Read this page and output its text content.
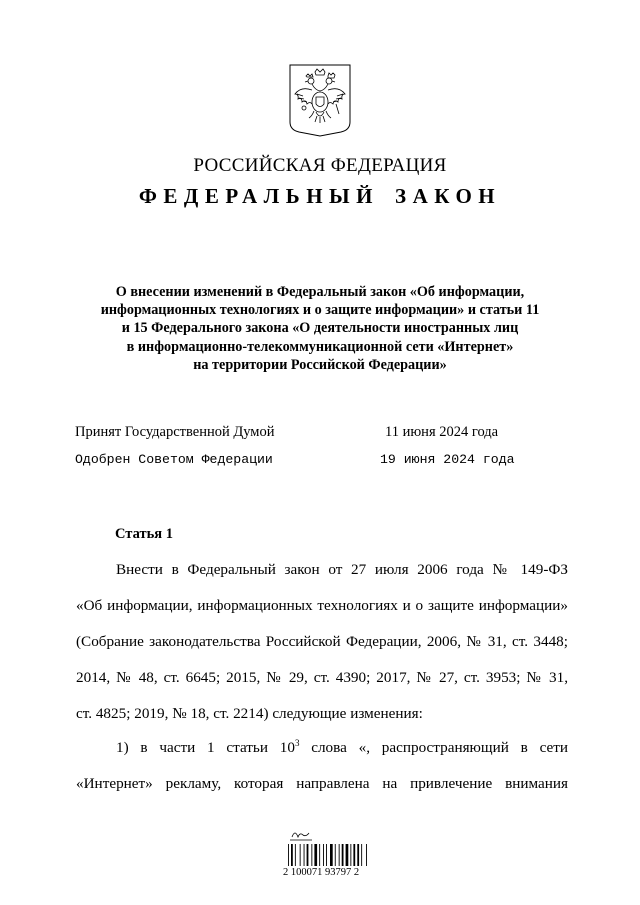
РОССИЙСКАЯ ФЕДЕРАЦИЯ
ФЕДЕРАЛЬНЫЙ ЗАКОН
О внесении изменений в Федеральный закон «Об информации,
информационных технологиях и о защите информации» и статьи 11
и 15 Федерального закона «О деятельности иностранных лиц
в информационно-телекоммуникационной сети «Интернет»
на территории Российской Федерации»
Принят Государственной Думой	11 июня 2024 года
Одобрен Советом Федерации	19 июня 2024 года
Статья 1
Внести в Федеральный закон от 27 июля 2006 года № 149-ФЗ
«Об информации, информационных технологиях и о защите информации»
(Собрание законодательства Российской Федерации, 2006, № 31, ст. 3448;
2014, № 48, ст. 6645; 2015, № 29, ст. 4390; 2017, № 27, ст. 3953; № 31,
ст. 4825; 2019, № 18, ст. 2214) следующие изменения:
1) в части 1 статьи $10^3$ слова «, распространяющий в сети
«Интернет» рекламу, которая направлена на привлечение внимания
2 100071 93797 2
